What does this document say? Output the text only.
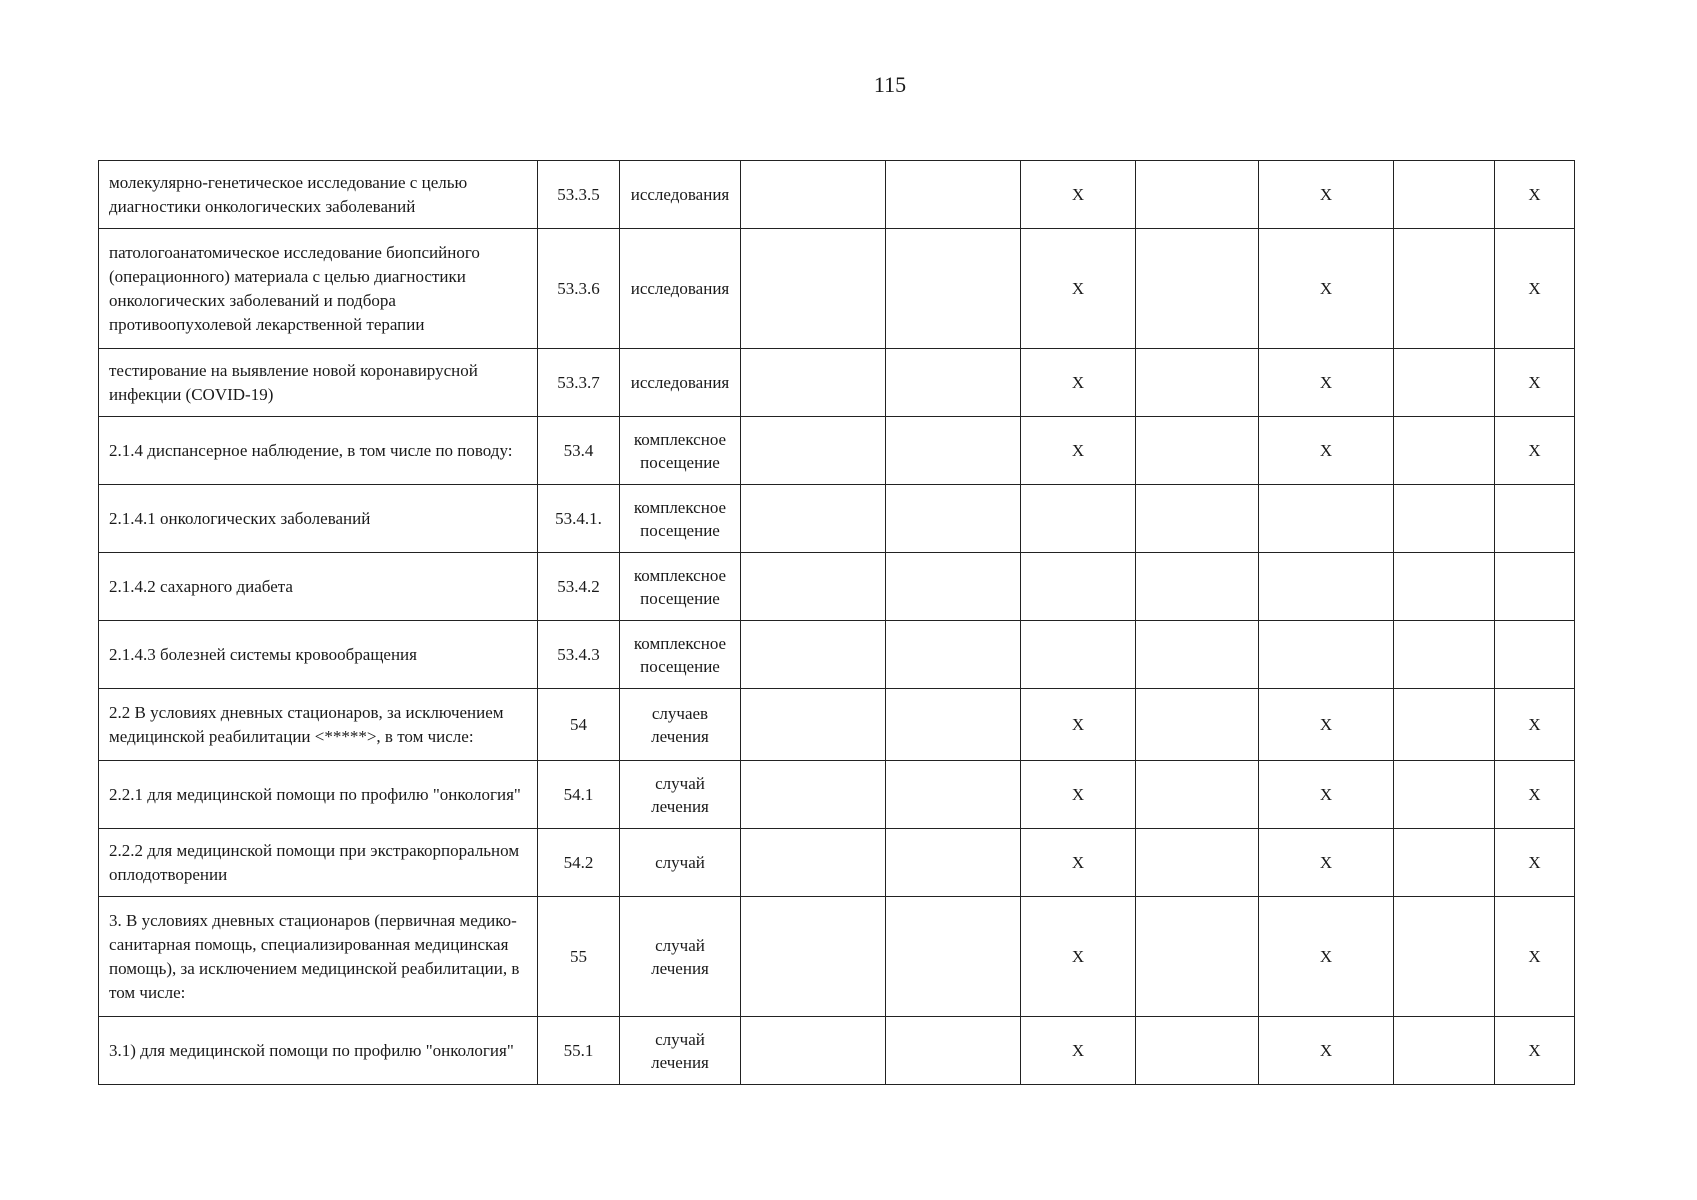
115
молекулярно-генетическое исследование с целью диагностики онкологических заболеваний	53.3.5	исследования			X		X		X
патологоанатомическое исследование биопсийного (операционного) материала с целью диагностики онкологических заболеваний и подбора противоопухолевой лекарственной терапии	53.3.6	исследования			X		X		X
тестирование на выявление новой коронавирусной инфекции (COVID-19)	53.3.7	исследования			X		X		X
2.1.4 диспансерное наблюдение, в том числе по поводу:	53.4	комплексное посещение			X		X		X
2.1.4.1 онкологических заболеваний	53.4.1.	комплексное посещение							
2.1.4.2 сахарного диабета	53.4.2	комплексное посещение							
2.1.4.3 болезней системы кровообращения	53.4.3	комплексное посещение							
2.2 В условиях дневных стационаров, за исключением медицинской реабилитации <*****>, в том числе:	54	случаев лечения			X		X		X
2.2.1 для медицинской помощи по профилю "онкология"	54.1	случай лечения			X		X		X
2.2.2 для медицинской помощи при экстракорпоральном оплодотворении	54.2	случай			X		X		X
3. В условиях дневных стационаров (первичная медико-санитарная помощь, специализированная медицинская помощь), за исключением медицинской реабилитации, в том числе:	55	случай лечения			X		X		X
3.1) для медицинской помощи по профилю "онкология"	55.1	случай лечения			X		X		X
